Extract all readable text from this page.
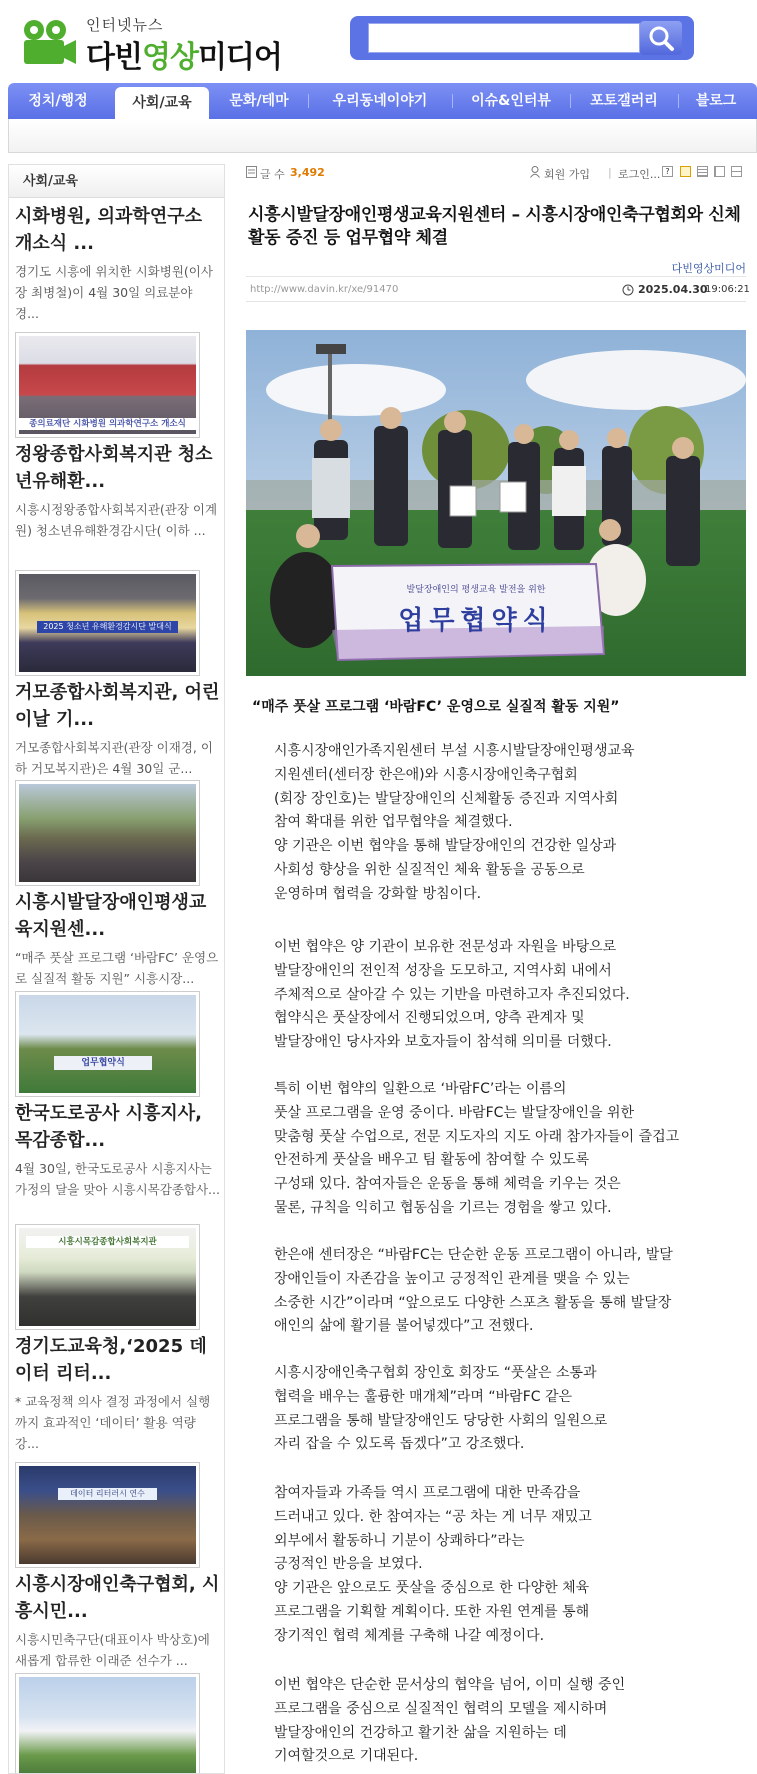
인터넷뉴스
다빈영상미디어
정치/행정	사회/교육	문화/테마	우리동네이야기	이슈&인터뷰	포토갤러리	블로그
사회/교육
시화병원, 의과학연구소 개소식 ...
경기도 시흥에 위치한 시화병원(이사장 최병철)이 4월 30일 의료분야 경...
종의료재단 시화병원 의과학연구소 개소식
정왕종합사회복지관 청소년유해환...
시흥시정왕종합사회복지관(관장 이계원) 청소년유해환경감시단( 이하 ...
2025 청소년 유해환경감시단 발대식
거모종합사회복지관, 어린이날 기...
거모종합사회복지관(관장 이재경, 이하 거모복지관)은 4월 30일 군...
시흥시발달장애인평생교육지원센...
“매주 풋살 프로그램 ‘바람FC’ 운영으로 실질적 활동 지원” 시흥시장...
업무협약식
한국도로공사 시흥지사, 목감종합...
4월 30일, 한국도로공사 시흥지사는 가정의 달을 맞아 시흥시목감종합사...
시흥시목감종합사회복지관
경기도교육청,‘2025 데이터 리터...
* 교육정책 의사 결정 과정에서 실행까지 효과적인 ‘데이터’ 활용 역량 강...
데이터 리터러시 연수
시흥시장애인축구협회, 시흥시민...
시흥시민축구단(대표이사 박상호)에 새롭게 합류한 이래준 선수가 ...
글 수 3,492	회원 가입 | 로그인... ?
시흥시발달장애인평생교육지원센터 – 시흥시장애인축구협회와 신체활동 증진 등 업무협약 체결
다빈영상미디어
http://www.davin.kr/xe/91470	2025.04.30
19:06:21
발달장애인의 평생교육 발전을 위한
업무협약식
“매주 풋살 프로그램 ‘바람FC’ 운영으로 실질적 활동 지원”
시흥시장애인가족지원센터 부설 시흥시발달장애인평생교육
지원센터(센터장 한은애)와 시흥시장애인축구협회
(회장 장인호)는 발달장애인의 신체활동 증진과 지역사회
참여 확대를 위한 업무협약을 체결했다.
양 기관은 이번 협약을 통해 발달장애인의 건강한 일상과
사회성 향상을 위한 실질적인 체육 활동을 공동으로
운영하며 협력을 강화할 방침이다.
이번 협약은 양 기관이 보유한 전문성과 자원을 바탕으로
발달장애인의 전인적 성장을 도모하고, 지역사회 내에서
주체적으로 살아갈 수 있는 기반을 마련하고자 추진되었다.
협약식은 풋살장에서 진행되었으며, 양측 관계자 및
발달장애인 당사자와 보호자들이 참석해 의미를 더했다.
특히 이번 협약의 일환으로 ‘바람FC’라는 이름의
풋살 프로그램을 운영 중이다. 바람FC는 발달장애인을 위한
맞춤형 풋살 수업으로, 전문 지도자의 지도 아래 참가자들이 즐겁고
안전하게 풋살을 배우고 팀 활동에 참여할 수 있도록
구성돼 있다. 참여자들은 운동을 통해 체력을 키우는 것은
물론, 규칙을 익히고 협동심을 기르는 경험을 쌓고 있다.
한은애 센터장은 “바람FC는 단순한 운동 프로그램이 아니라, 발달
장애인들이 자존감을 높이고 긍정적인 관계를 맺을 수 있는
소중한 시간”이라며 “앞으로도 다양한 스포츠 활동을 통해 발달장
애인의 삶에 활기를 불어넣겠다”고 전했다.
시흥시장애인축구협회 장인호 회장도 “풋살은 소통과
협력을 배우는 훌륭한 매개체”라며 “바람FC 같은
프로그램을 통해 발달장애인도 당당한 사회의 일원으로
자리 잡을 수 있도록 돕겠다”고 강조했다.
참여자들과 가족들 역시 프로그램에 대한 만족감을
드러내고 있다. 한 참여자는 “공 차는 게 너무 재밌고
외부에서 활동하니 기분이 상쾌하다”라는
긍정적인 반응을 보였다.
양 기관은 앞으로도 풋살을 중심으로 한 다양한 체육
프로그램을 기획할 계획이다. 또한 자원 연계를 통해
장기적인 협력 체계를 구축해 나갈 예정이다.
이번 협약은 단순한 문서상의 협약을 넘어, 이미 실행 중인
프로그램을 중심으로 실질적인 협력의 모델을 제시하며
발달장애인의 건강하고 활기찬 삶을 지원하는 데
기여할것으로 기대된다.
